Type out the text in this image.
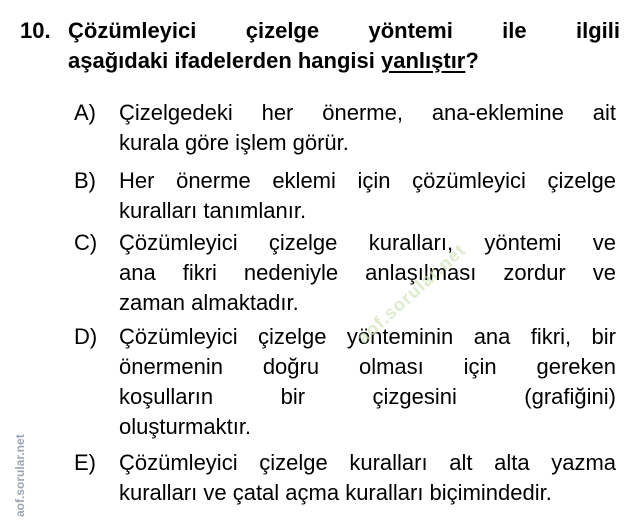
10. Çözümleyici çizelge yöntemi ile ilgili
aşağıdaki ifadelerden hangisi yanlıştır?
A)	Çizelgedeki her önerme, ana-eklemine ait
kurala göre işlem görür.
B)	Her önerme eklemi için çözümleyici çizelge
kuralları tanımlanır.
C) Çözümleyici çizelge kuralları, yöntemi ve
ana fikri nedeniyle anlaşılması zordur ve
zaman almaktadır.
D) Çözümleyici çizelge yönteminin ana fikri, bir
önermenin doğru olması için gereken
koşulların bir çizgesini (grafiğini)
oluşturmaktır.
E)	Çözümleyici çizelge kuralları alt alta yazma
kuralları ve çatal açma kuralları biçimindedir.
aof.sorular.net
aof.sorular.net
